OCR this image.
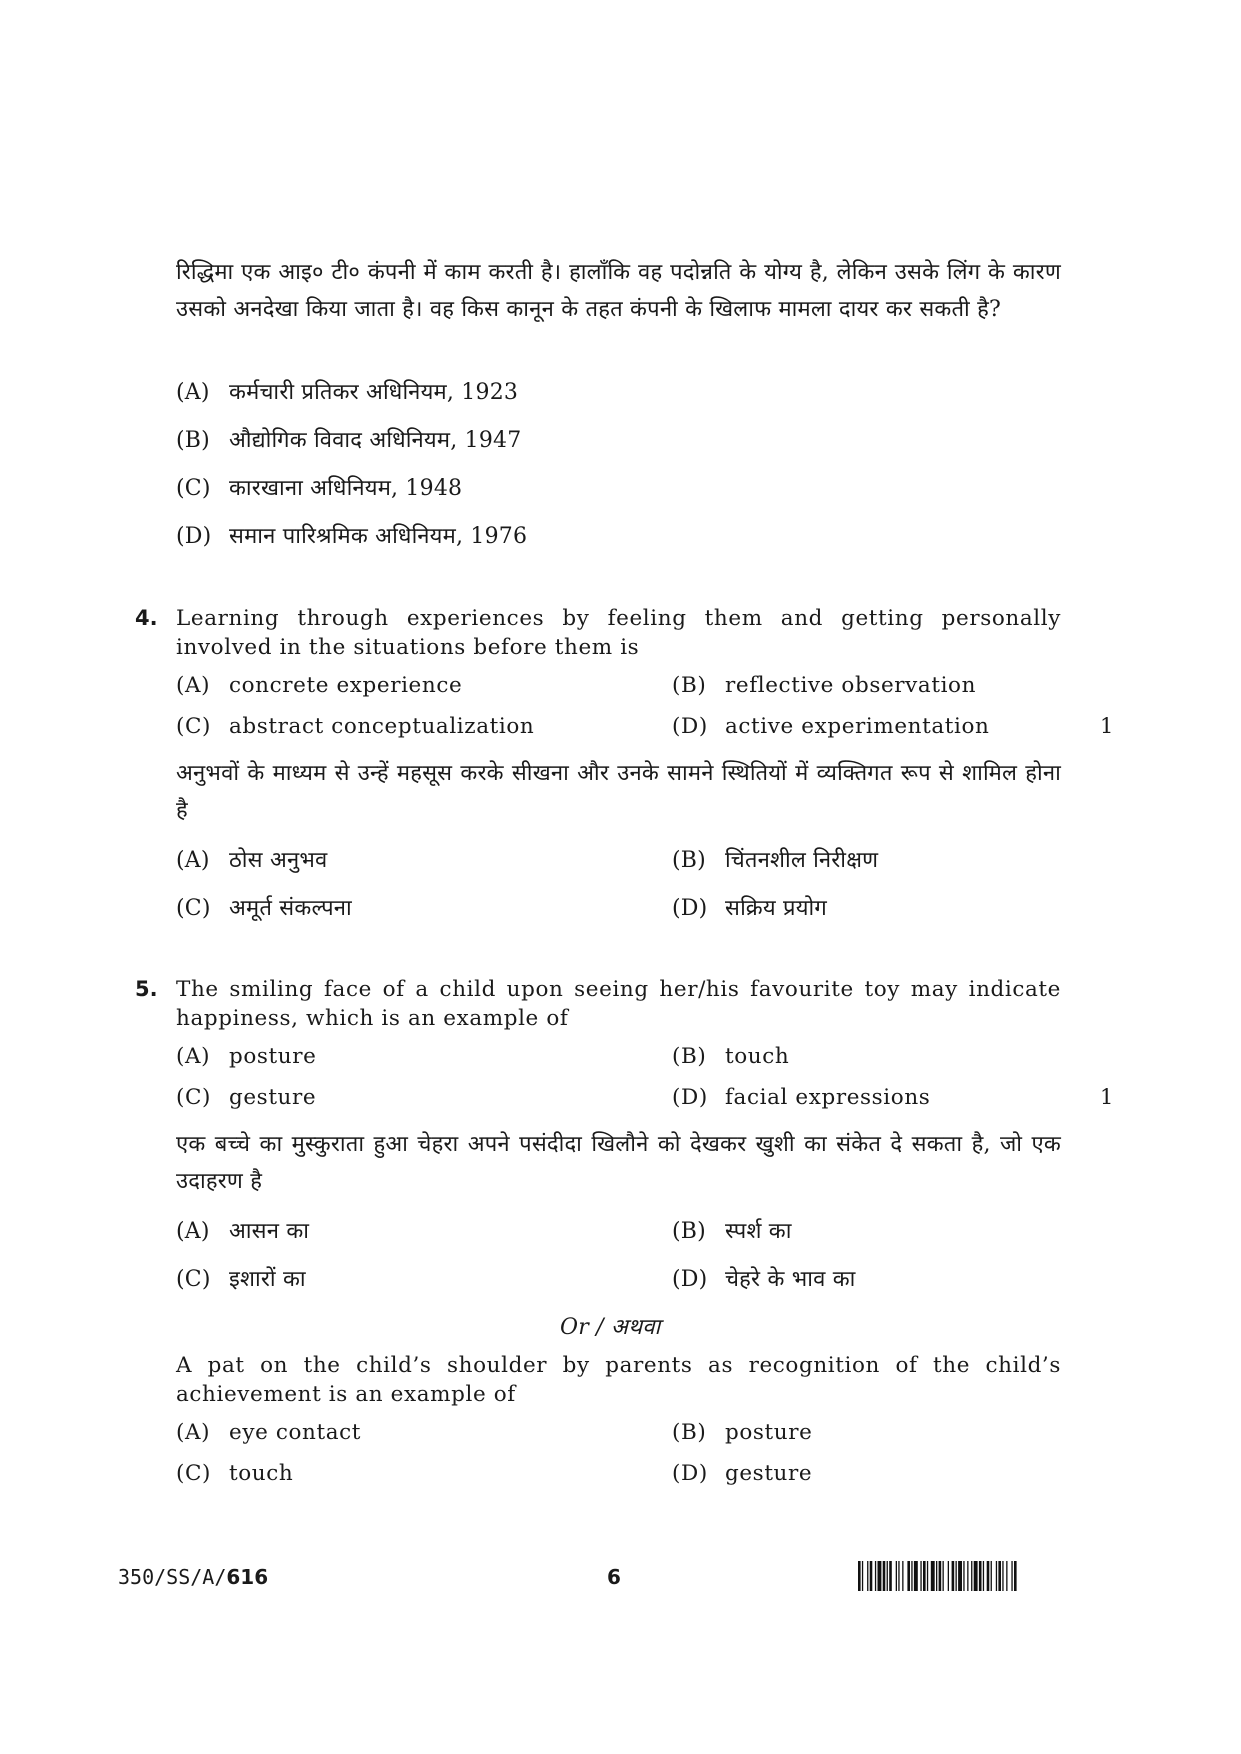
रिद्धिमा एक आइ० टी० कंपनी में काम करती है। हालाँकि वह पदोन्नति के योग्य है, लेकिन उसके लिंग के कारण उसको अनदेखा किया जाता है। वह किस कानून के तहत कंपनी के खिलाफ मामला दायर कर सकती है?
(A) कर्मचारी प्रतिकर अधिनियम, 1923
(B) औद्योगिक विवाद अधिनियम, 1947
(C) कारखाना अधिनियम, 1948
(D) समान पारिश्रमिक अधिनियम, 1976
4. Learning through experiences by feeling them and getting personally involved in the situations before them is
(A) concrete experience	(B) reflective observation
(C) abstract conceptualization	(D) active experimentation	1
अनुभवों के माध्यम से उन्हें महसूस करके सीखना और उनके सामने स्थितियों में व्यक्तिगत रूप से शामिल होना है
(A) ठोस अनुभव	(B) चिंतनशील निरीक्षण
(C) अमूर्त संकल्पना	(D) सक्रिय प्रयोग
5. The smiling face of a child upon seeing her/his favourite toy may indicate happiness, which is an example of
(A) posture	(B) touch
(C) gesture	(D) facial expressions	1
एक बच्चे का मुस्कुराता हुआ चेहरा अपने पसंदीदा खिलौने को देखकर खुशी का संकेत दे सकता है, जो एक उदाहरण है
(A) आसन का	(B) स्पर्श का
(C) इशारों का	(D) चेहरे के भाव का
Or / अथवा
A pat on the child’s shoulder by parents as recognition of the child’s achievement is an example of
(A) eye contact	(B) posture
(C) touch	(D) gesture
350/SS/A/616	6
